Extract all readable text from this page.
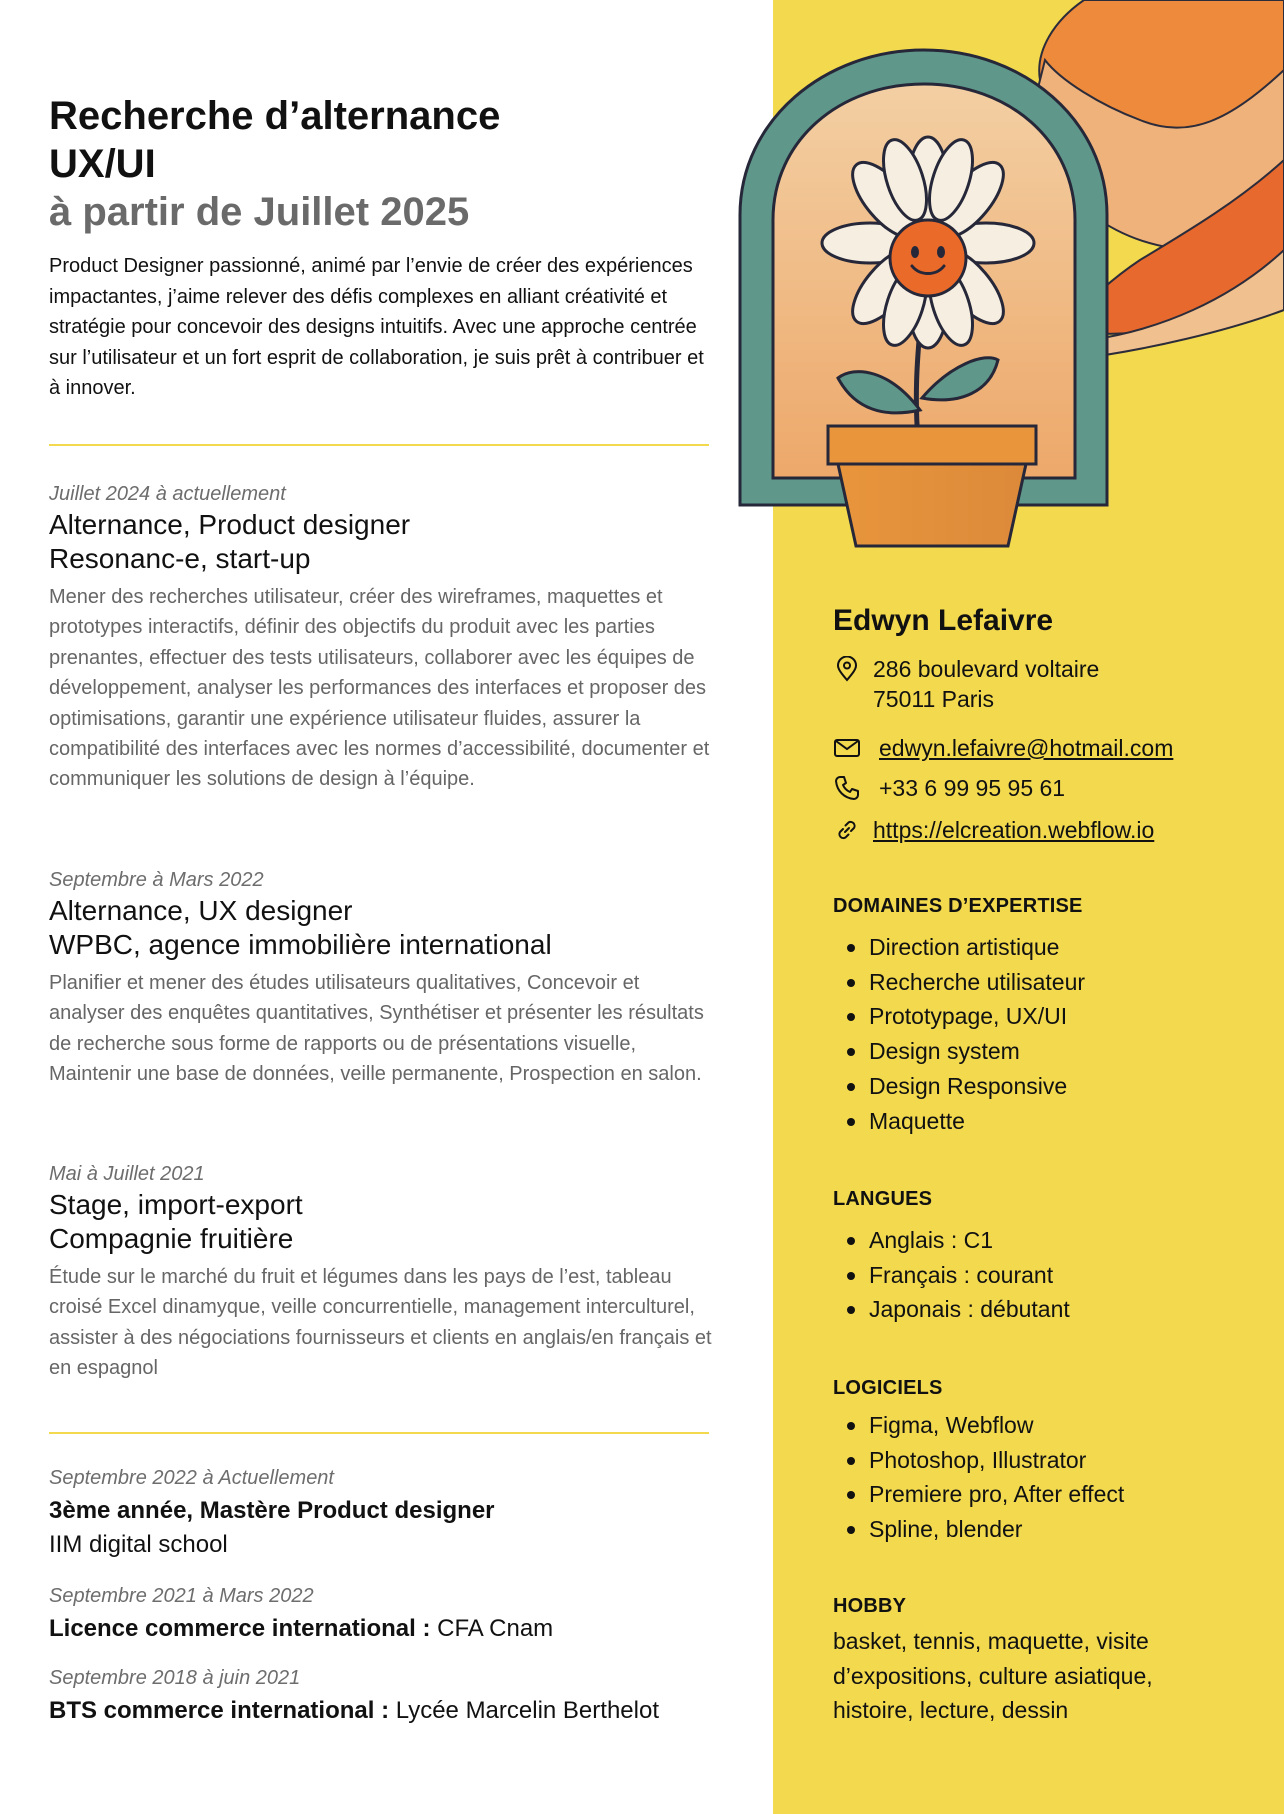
Recherche d’alternance
UX/UI
à partir de Juillet 2025
Product Designer passionné, animé par l’envie de créer des expériences impactantes, j’aime relever des défis complexes en alliant créativité et stratégie pour concevoir des designs intuitifs. Avec une approche centrée sur l’utilisateur et un fort esprit de collaboration, je suis prêt à contribuer et à innover.
Juillet 2024 à actuellement
Alternance, Product designer
Resonanc-e, start-up
Mener des recherches utilisateur, créer des wireframes, maquettes et prototypes interactifs, définir des objectifs du produit avec les parties prenantes, effectuer des tests utilisateurs, collaborer avec les équipes de développement, analyser les performances des interfaces et proposer des optimisations, garantir une expérience utilisateur fluides, assurer la compatibilité des interfaces avec les normes d’accessibilité, documenter et communiquer les solutions de design à l’équipe.
Septembre à Mars 2022
Alternance, UX designer
WPBC, agence immobilière international
Planifier et mener des études utilisateurs qualitatives, Concevoir et analyser des enquêtes quantitatives, Synthétiser et présenter les résultats de recherche sous forme de rapports ou de présentations visuelle, Maintenir une base de données, veille permanente, Prospection en salon.
Mai à Juillet 2021
Stage, import-export
Compagnie fruitière
Étude sur le marché du fruit et légumes dans les pays de l’est, tableau croisé Excel dinamyque, veille concurrentielle, management interculturel, assister à des négociations fournisseurs et clients en anglais/en français et en espagnol
Septembre 2022 à Actuellement
3ème année, Mastère Product designer
IIM digital school
Septembre 2021 à Mars 2022
Licence commerce international : CFA Cnam
Septembre 2018 à juin 2021
BTS commerce international : Lycée Marcelin Berthelot
Edwyn Lefaivre
286 boulevard voltaire
75011 Paris
edwyn.lefaivre@hotmail.com
+33 6 99 95 95 61
https://elcreation.webflow.io
DOMAINES D’EXPERTISE
Direction artistique
Recherche utilisateur
Prototypage, UX/UI
Design system
Design Responsive
Maquette
LANGUES
Anglais : C1
Français : courant
Japonais : débutant
LOGICIELS
Figma, Webflow
Photoshop, Illustrator
Premiere pro, After effect
Spline, blender
HOBBY
basket, tennis, maquette, visite d’expositions, culture asiatique, histoire, lecture, dessin
